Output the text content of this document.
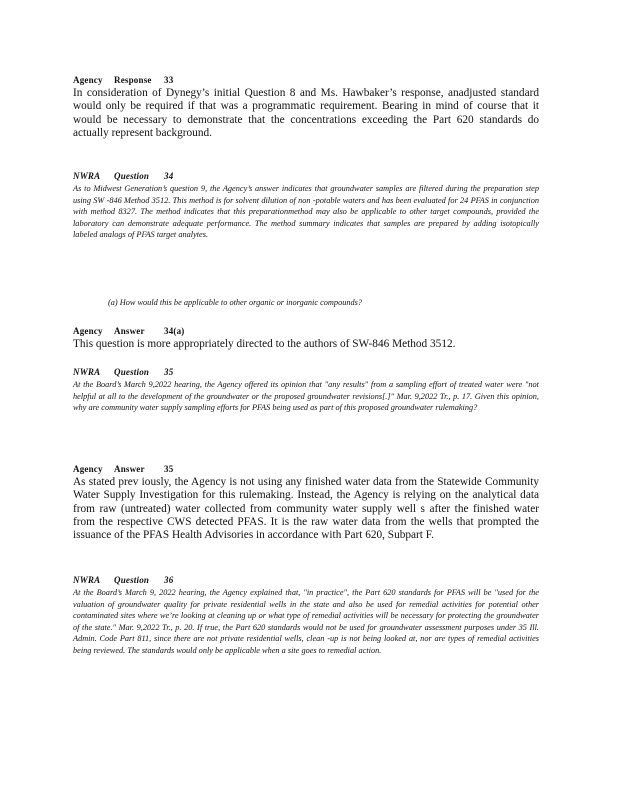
Agency Response 33
In consideration of Dynegy’s initial Question 8 and Ms. Hawbaker’s response, anadjusted standard would only be required if that was a programmatic requirement. Bearing in mind of course that it would be necessary to demonstrate that the concentrations exceeding the Part 620 standards do actually represent background.
NWRA Question 34
As to Midwest Generation’s question 9, the Agency’s answer indicates that groundwater samples are filtered during the preparation step using SW -846 Method 3512. This method is for solvent dilution of non -potable waters and has been evaluated for 24 PFAS in conjunction with method 8327. The method indicates that this preparationmethod may also be applicable to other target compounds, provided the laboratory can demonstrate adequate performance. The method summary indicates that samples are prepared by adding isotopically labeled analogs of PFAS target analytes.
(a) How would this be applicable to other organic or inorganic compounds?
Agency Answer 34(a)
This question is more appropriately directed to the authors of SW-846 Method 3512.
NWRA Question 35
At the Board’s March 9,2022 hearing, the Agency offered its opinion that "any results" from a sampling effort of treated water were "not helpful at all to the development of the groundwater or the proposed groundwater revisions[.]" Mar. 9,2022 Tr., p. 17. Given this opinion, why are community water supply sampling efforts for PFAS being used as part of this proposed groundwater rulemaking?
Agency Answer 35
As stated prev iously, the Agency is not using any finished water data from the Statewide Community Water Supply Investigation for this rulemaking. Instead, the Agency is relying on the analytical data from raw (untreated) water collected from community water supply well s after the finished water from the respective CWS detected PFAS. It is the raw water data from the wells that prompted the issuance of the PFAS Health Advisories in accordance with Part 620, Subpart F.
NWRA Question 36
At the Board’s March 9, 2022 hearing, the Agency explained that, "in practice", the Part 620 standards for PFAS will be "used for the valuation of groundwater quality for private residential wells in the state and also be used for remedial activities for potential other contaminated sites where we’re looking at cleaning up or what type of remedial activities will be necessary for protecting the groundwater of the state." Mar. 9,2022 Tr., p. 20. If true, the Part 620 standards would not be used for groundwater assessment purposes under 35 Ill. Admin. Code Part 811, since there are not private residential wells, clean -up is not being looked at, nor are types of remedial activities being reviewed. The standards would only be applicable when a site goes to remedial action.
